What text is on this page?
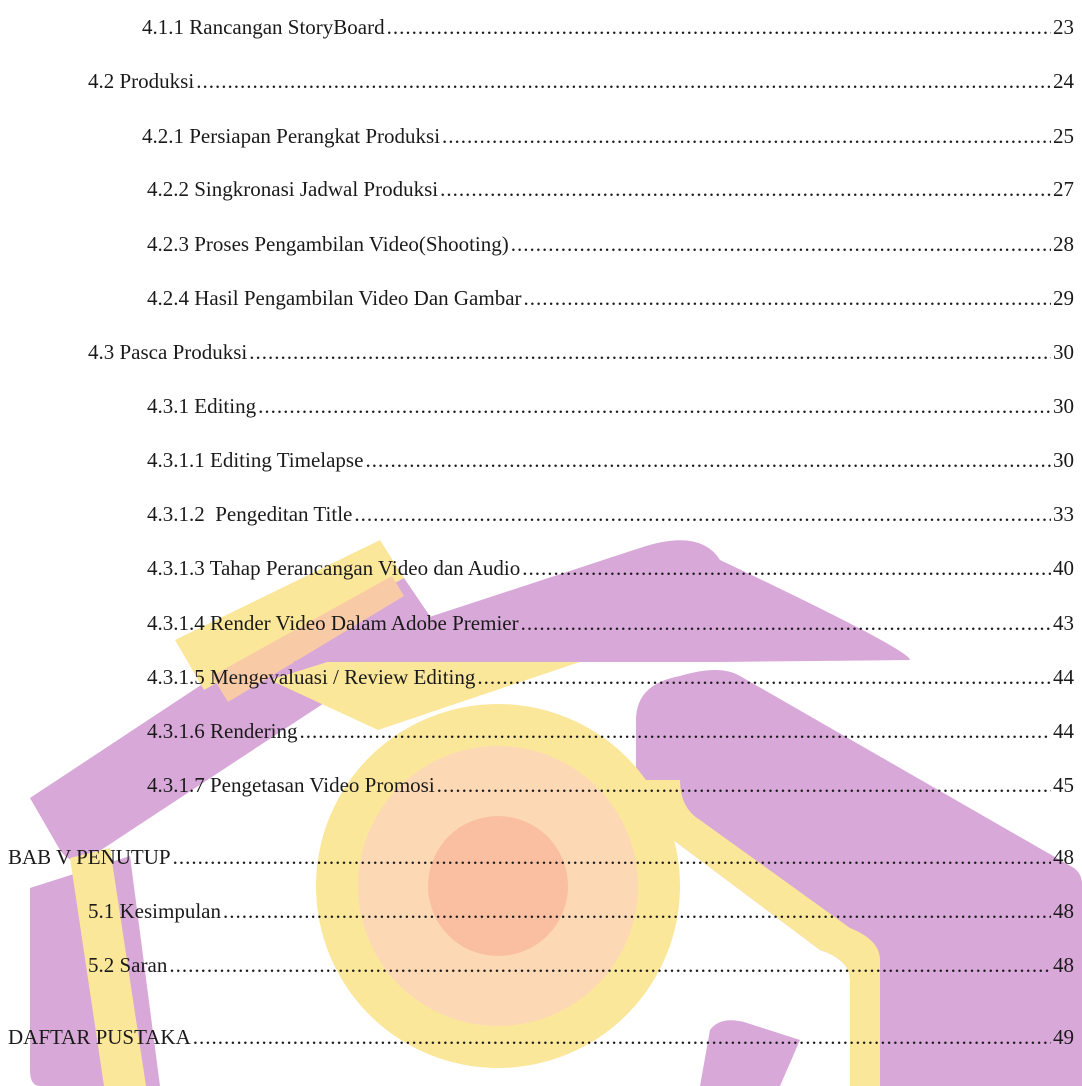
4.1.1 Rancangan StoryBoard .....	23
4.2 Produksi .....	24
4.2.1 Persiapan Perangkat Produksi .....	25
4.2.2 Singkronasi Jadwal Produksi .....	27
4.2.3 Proses Pengambilan Video(Shooting) .....	28
4.2.4 Hasil Pengambilan Video Dan Gambar .....	29
4.3 Pasca Produksi .....	30
4.3.1 Editing .....	30
4.3.1.1 Editing Timelapse .....	30
4.3.1.2  Pengeditan Title .....	33
4.3.1.3 Tahap Perancangan Video dan Audio .....	40
4.3.1.4 Render Video Dalam Adobe Premier .....	43
4.3.1.5 Mengevaluasi / Review Editing .....	44
4.3.1.6 Rendering .....	44
4.3.1.7 Pengetasan Video Promosi .....	45
BAB V PENUTUP .....	48
5.1 Kesimpulan .....	48
5.2 Saran .....	48
DAFTAR PUSTAKA .....	49
